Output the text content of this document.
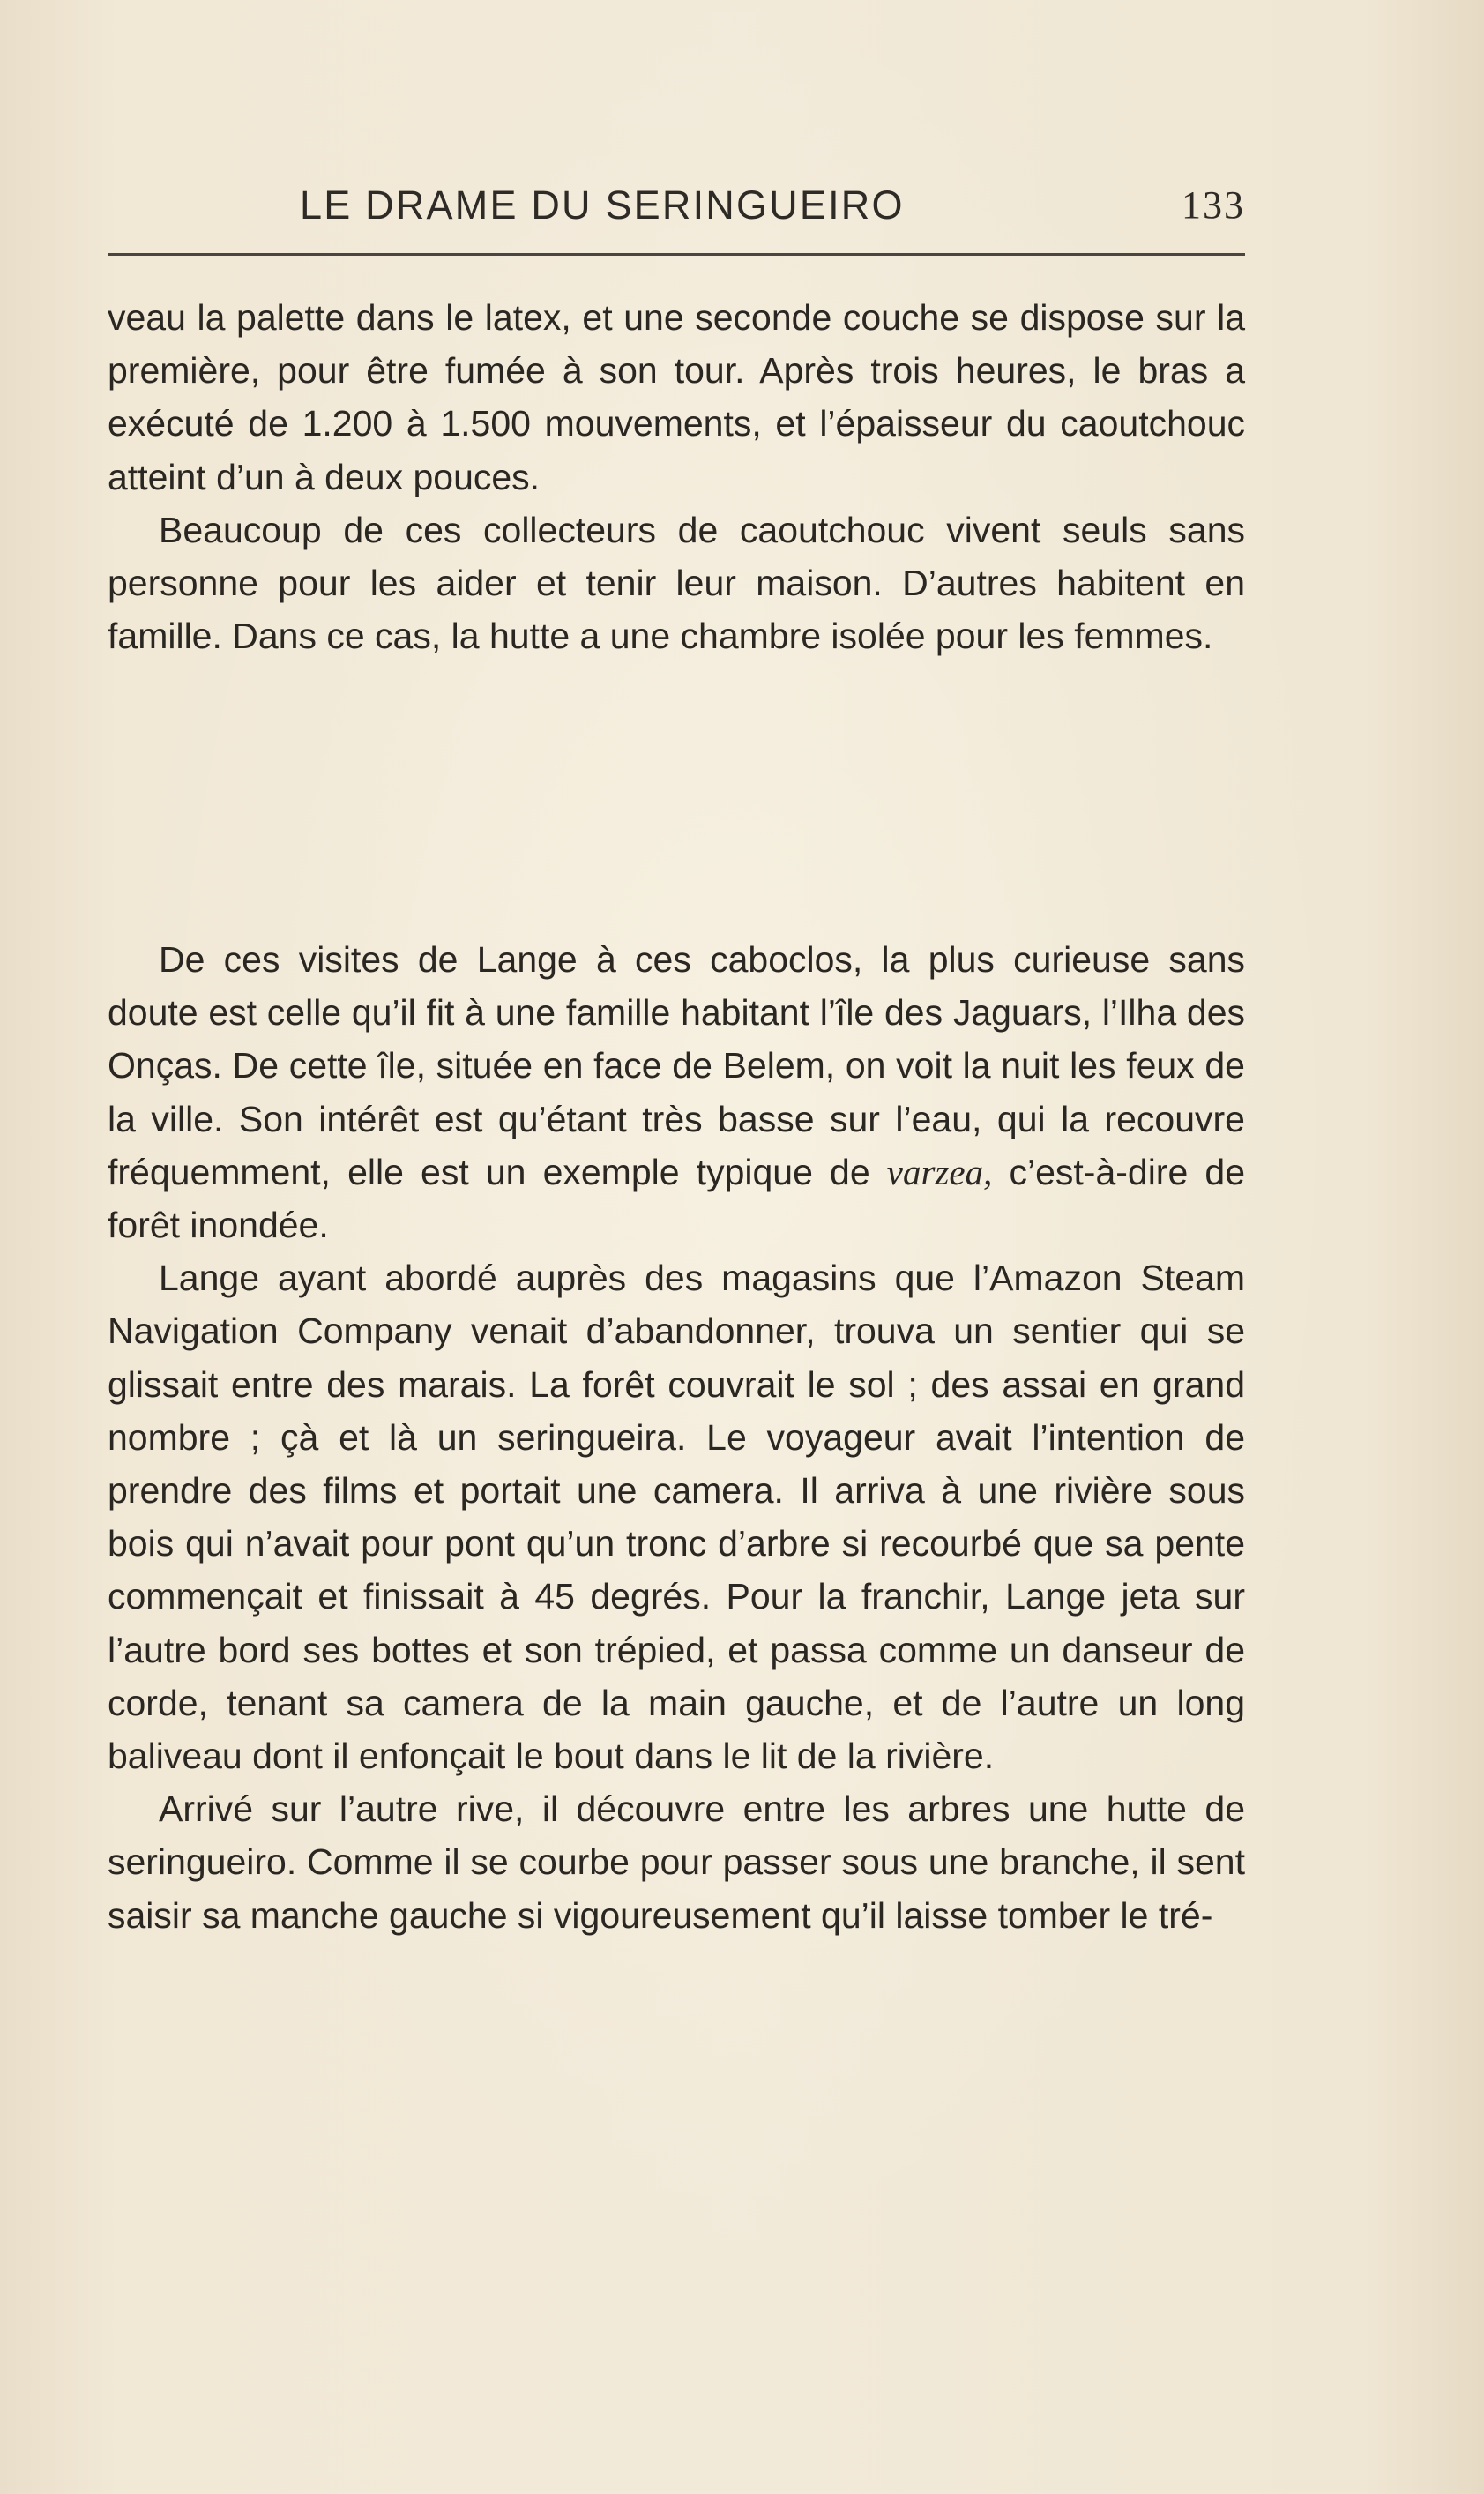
LE DRAME DU SERINGUEIRO	133

veau la palette dans le latex, et une seconde couche se dispose sur la première, pour être fumée à son tour. Après trois heures, le bras a exécuté de 1.200 à 1.500 mouvements, et l’épaisseur du caoutchouc atteint d’un à deux pouces.

Beaucoup de ces collecteurs de caoutchouc vivent seuls sans personne pour les aider et tenir leur maison. D’autres habitent en famille. Dans ce cas, la hutte a une chambre isolée pour les femmes.

De ces visites de Lange à ces caboclos, la plus curieuse sans doute est celle qu’il fit à une famille habitant l’île des Jaguars, l’Ilha des Onças. De cette île, située en face de Belem, on voit la nuit les feux de la ville. Son intérêt est qu’étant très basse sur l’eau, qui la recouvre fréquemment, elle est un exemple typique de varzea, c’est-à-dire de forêt inondée.

Lange ayant abordé auprès des magasins que l’Amazon Steam Navigation Company venait d’abandonner, trouva un sentier qui se glissait entre des marais. La forêt couvrait le sol ; des assai en grand nombre ; çà et là un seringueira. Le voyageur avait l’intention de prendre des films et portait une camera. Il arriva à une rivière sous bois qui n’avait pour pont qu’un tronc d’arbre si recourbé que sa pente commençait et finissait à 45 degrés. Pour la franchir, Lange jeta sur l’autre bord ses bottes et son trépied, et passa comme un danseur de corde, tenant sa camera de la main gauche, et de l’autre un long baliveau dont il enfonçait le bout dans le lit de la rivière.

Arrivé sur l’autre rive, il découvre entre les arbres une hutte de seringueiro. Comme il se courbe pour passer sous une branche, il sent saisir sa manche gauche si vigoureusement qu’il laisse tomber le tré-
